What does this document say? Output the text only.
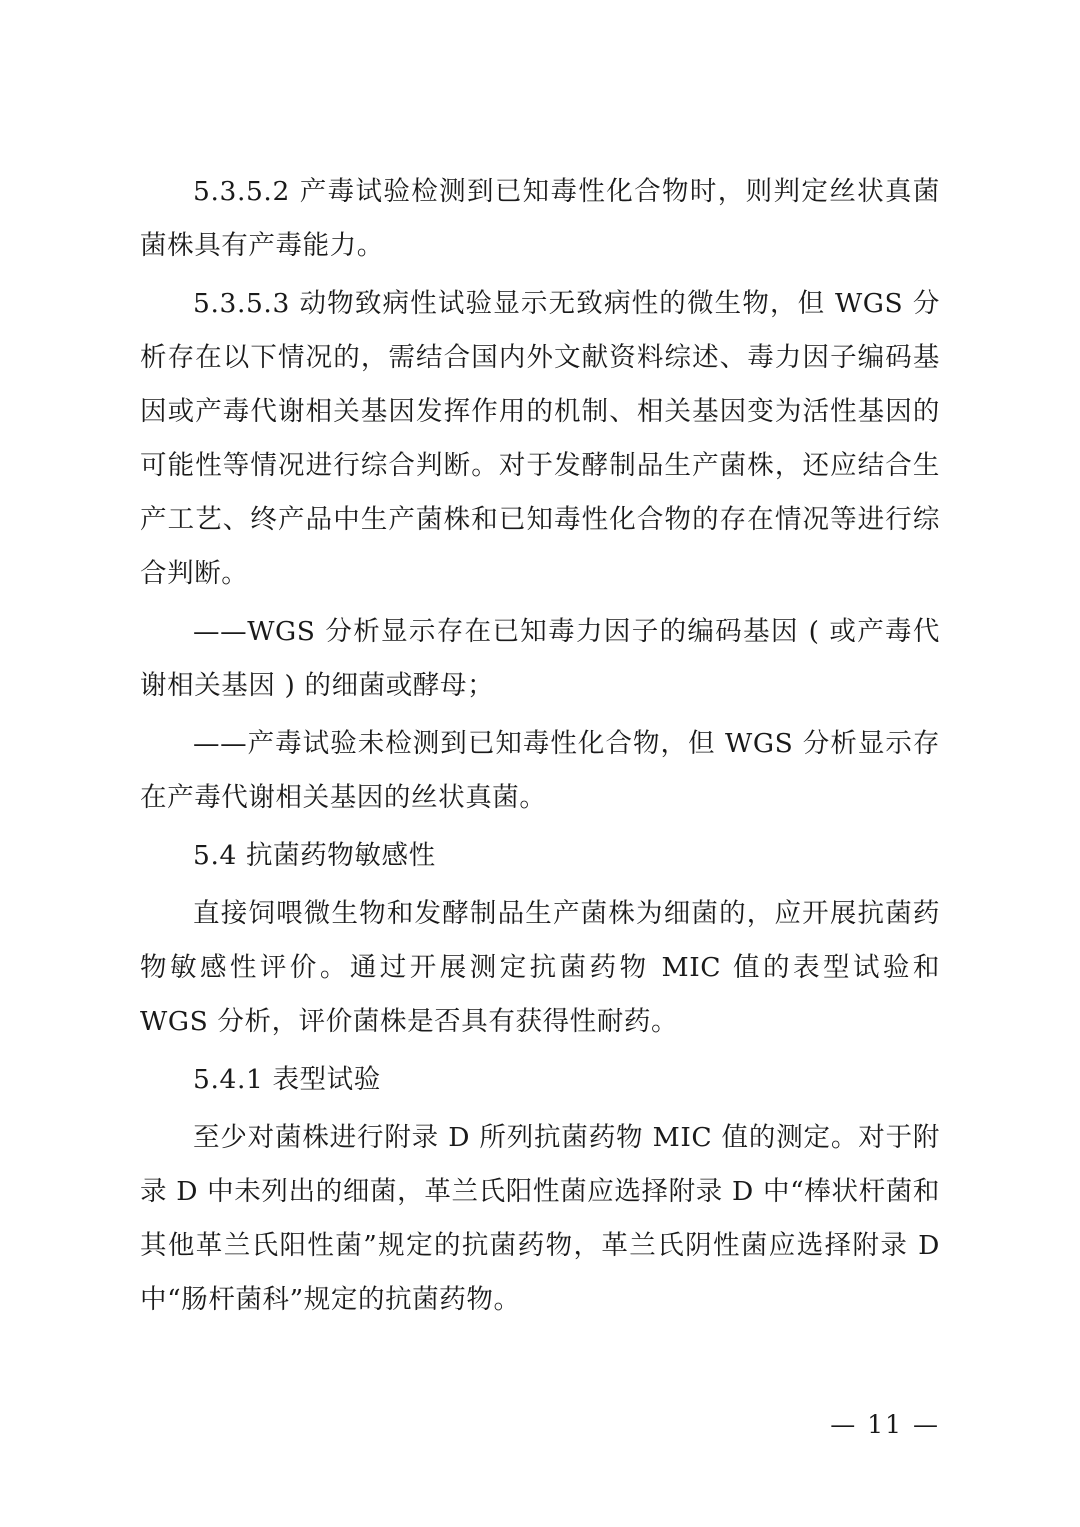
5.3.5.2 产毒试验检测到已知毒性化合物时，则判定丝状真菌菌株具有产毒能力。

5.3.5.3 动物致病性试验显示无致病性的微生物，但 WGS 分析存在以下情况的，需结合国内外文献资料综述、毒力因子编码基因或产毒代谢相关基因发挥作用的机制、相关基因变为活性基因的可能性等情况进行综合判断。对于发酵制品生产菌株，还应结合生产工艺、终产品中生产菌株和已知毒性化合物的存在情况等进行综合判断。

——WGS 分析显示存在已知毒力因子的编码基因 ( 或产毒代谢相关基因 ) 的细菌或酵母；

——产毒试验未检测到已知毒性化合物，但 WGS 分析显示存在产毒代谢相关基因的丝状真菌。

5.4 抗菌药物敏感性

直接饲喂微生物和发酵制品生产菌株为细菌的，应开展抗菌药物敏感性评价。通过开展测定抗菌药物 MIC 值的表型试验和 WGS 分析，评价菌株是否具有获得性耐药。

5.4.1 表型试验

至少对菌株进行附录 D 所列抗菌药物 MIC 值的测定。对于附录 D 中未列出的细菌，革兰氏阳性菌应选择附录 D 中“棒状杆菌和其他革兰氏阳性菌”规定的抗菌药物，革兰氏阴性菌应选择附录 D 中“肠杆菌科”规定的抗菌药物。

— 11 —
